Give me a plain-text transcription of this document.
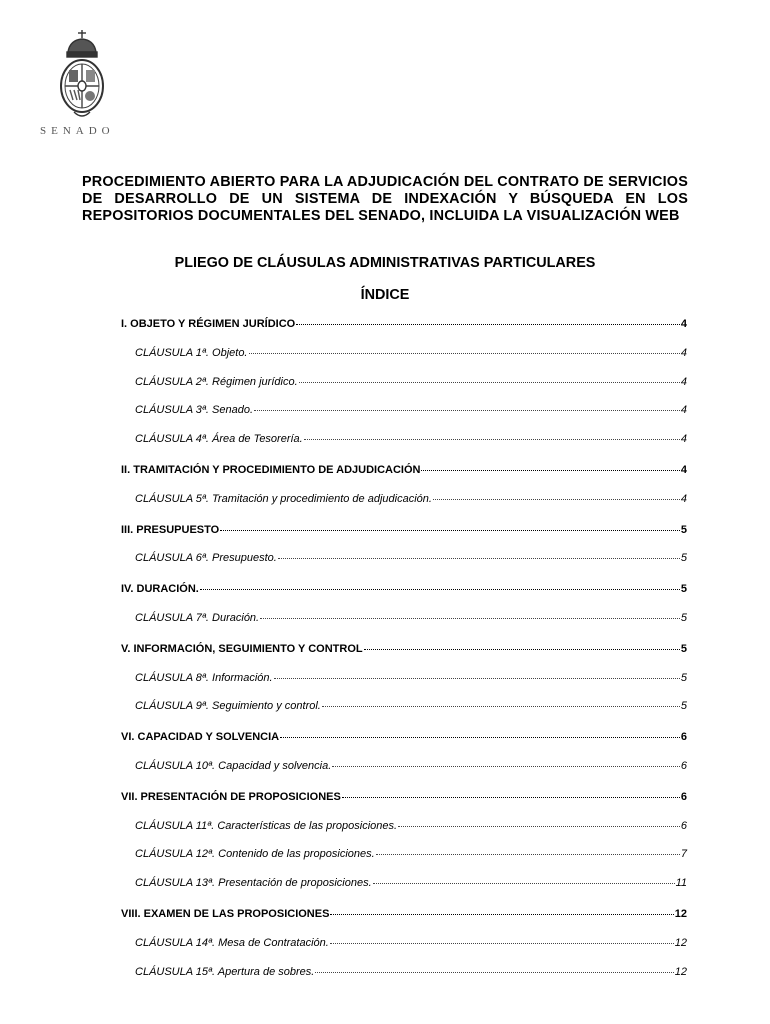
SENADO
PROCEDIMIENTO ABIERTO PARA LA ADJUDICACIÓN DEL CONTRATO DE SERVICIOS DE DESARROLLO DE UN SISTEMA DE INDEXACIÓN Y BÚSQUEDA EN LOS REPOSITORIOS DOCUMENTALES DEL SENADO, INCLUIDA LA VISUALIZACIÓN WEB
PLIEGO DE CLÁUSULAS ADMINISTRATIVAS PARTICULARES
ÍNDICE
I. OBJETO Y RÉGIMEN JURÍDICO	4
CLÁUSULA 1ª. Objeto.	4
CLÁUSULA 2ª. Régimen jurídico.	4
CLÁUSULA 3ª. Senado.	4
CLÁUSULA 4ª. Área de Tesorería.	4
II. TRAMITACIÓN Y PROCEDIMIENTO DE ADJUDICACIÓN	4
CLÁUSULA 5ª. Tramitación y procedimiento de adjudicación.	4
III. PRESUPUESTO	5
CLÁUSULA 6ª. Presupuesto.	5
IV. DURACIÓN.	5
CLÁUSULA 7ª. Duración.	5
V. INFORMACIÓN, SEGUIMIENTO Y CONTROL	5
CLÁUSULA 8ª. Información.	5
CLÁUSULA 9ª. Seguimiento y control.	5
VI. CAPACIDAD Y SOLVENCIA	6
CLÁUSULA 10ª. Capacidad y solvencia.	6
VII. PRESENTACIÓN DE PROPOSICIONES	6
CLÁUSULA 11ª. Características de las proposiciones.	6
CLÁUSULA 12ª. Contenido de las proposiciones.	7
CLÁUSULA 13ª. Presentación de proposiciones.	11
VIII. EXAMEN DE LAS PROPOSICIONES	12
CLÁUSULA 14ª. Mesa de Contratación.	12
CLÁUSULA 15ª. Apertura de sobres.	12
